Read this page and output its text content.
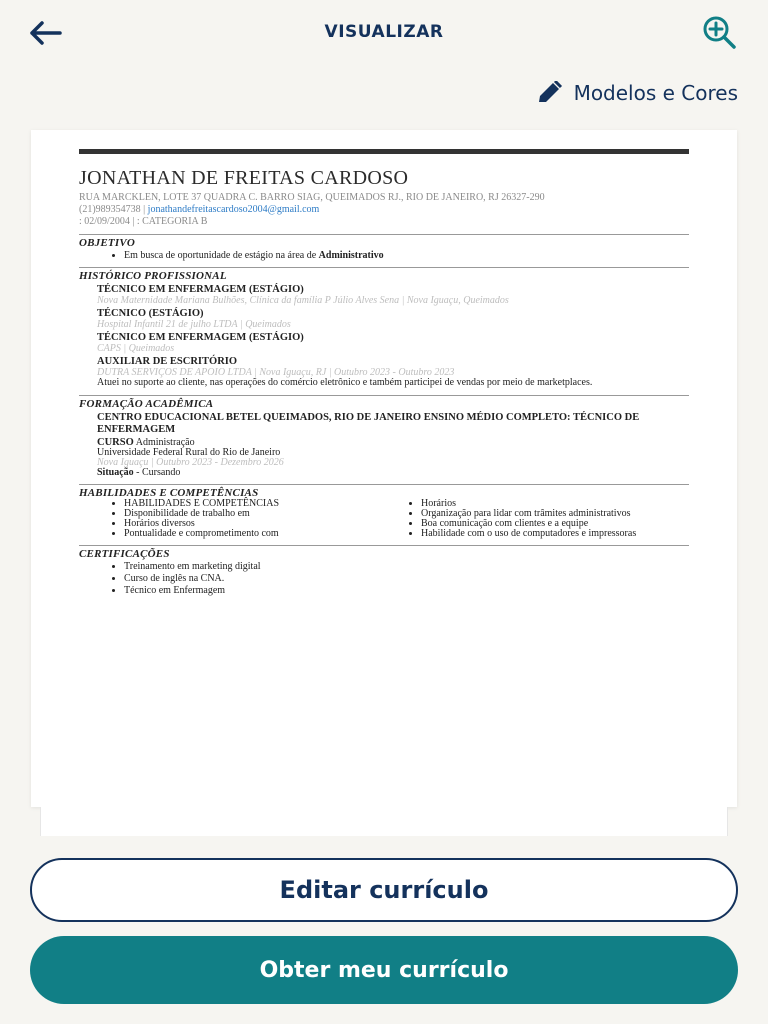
VISUALIZAR
Modelos e Cores
JONATHAN DE FREITAS CARDOSO
RUA MARCKLEN, LOTE 37 QUADRA C. BARRO SIAG, QUEIMADOS RJ., RIO DE JANEIRO, RJ 26327-290
(21)989354738 | jonathandefreitascardoso2004@gmail.com
: 02/09/2004 | : CATEGORIA B
OBJETIVO
• Em busca de oportunidade de estágio na área de Administrativo
HISTÓRICO PROFISSIONAL
TÉCNICO EM ENFERMAGEM (ESTÁGIO)
Nova Maternidade Mariana Bulhões, Clínica da família P Júlio Alves Sena | Nova Iguaçu, Queimados
TÉCNICO (ESTÁGIO)
Hospital Infantil 21 de julho LTDA | Queimados
TÉCNICO EM ENFERMAGEM (ESTÁGIO)
CAPS | Queimados
AUXILIAR DE ESCRITÓRIO
DUTRA SERVIÇOS DE APOIO LTDA | Nova Iguaçu, RJ | Outubro 2023 - Outubro 2023
Atuei no suporte ao cliente, nas operações do comércio eletrônico e também participei de vendas por meio de marketplaces.
FORMAÇÃO ACADÊMICA
CENTRO EDUCACIONAL BETEL QUEIMADOS, RIO DE JANEIRO ENSINO MÉDIO COMPLETO: TÉCNICO DE ENFERMAGEM
CURSO Administração
Universidade Federal Rural do Rio de Janeiro
Nova Iguaçu | Outubro 2023 - Dezembro 2026
Situação - Cursando
HABILIDADES E COMPETÊNCIAS
• HABILIDADES E COMPETÊNCIAS
• Disponibilidade de trabalho em
• Horários diversos
• Pontualidade e comprometimento com
• Horários
• Organização para lidar com trâmites administrativos
• Boa comunicação com clientes e a equipe
• Habilidade com o uso de computadores e impressoras
CERTIFICAÇÕES
• Treinamento em marketing digital
• Curso de inglês na CNA.
• Técnico em Enfermagem
Editar currículo
Obter meu currículo
